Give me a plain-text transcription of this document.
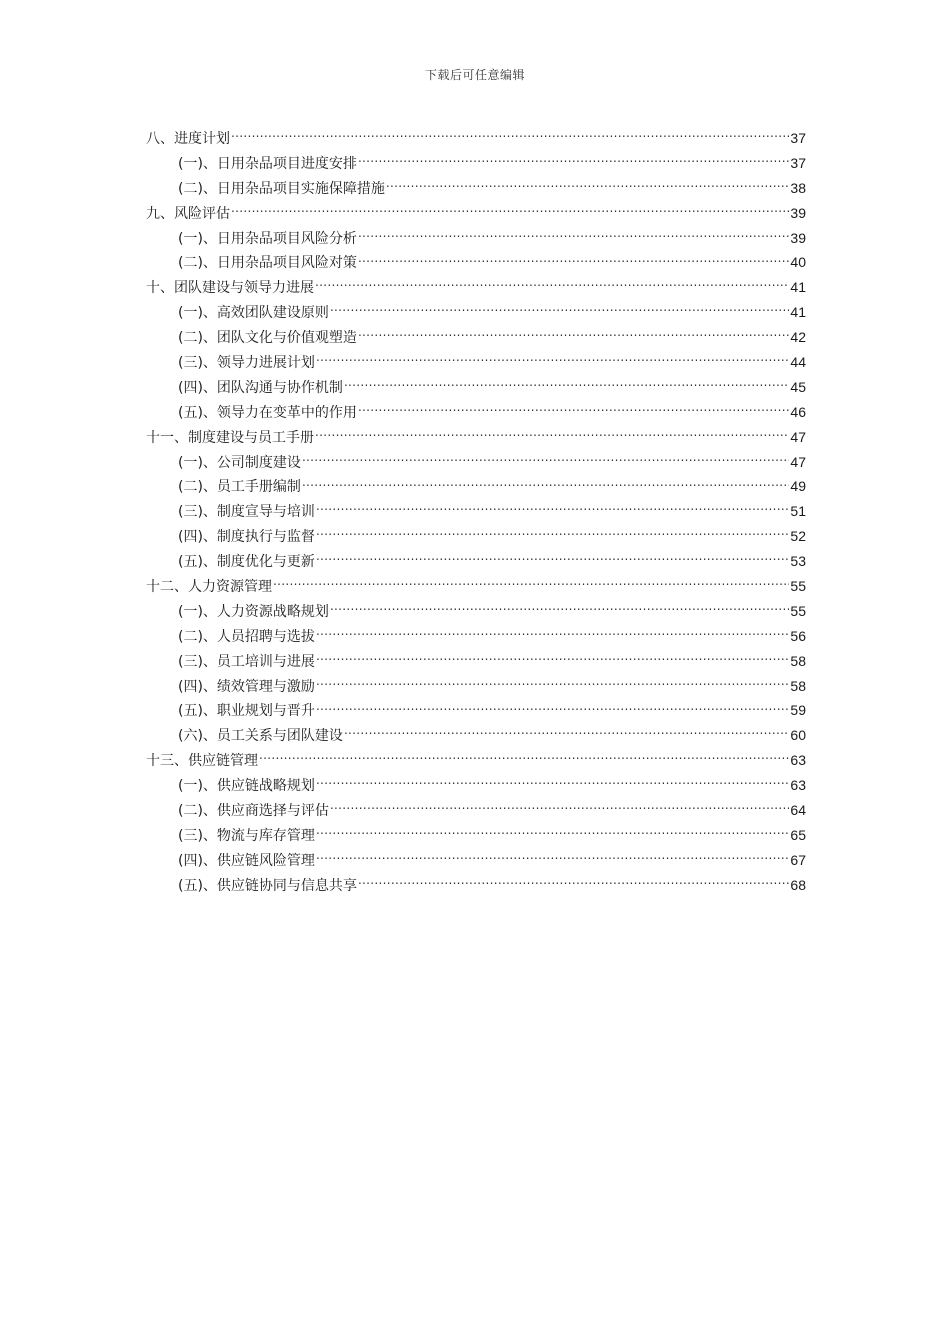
下载后可任意编辑
八、进度计划 .....	37
(一)、日用杂品项目进度安排 .....	37
(二)、日用杂品项目实施保障措施 .....	38
九、风险评估 .....	39
(一)、日用杂品项目风险分析 .....	39
(二)、日用杂品项目风险对策 .....	40
十、团队建设与领导力进展 .....	41
(一)、高效团队建设原则 .....	41
(二)、团队文化与价值观塑造 .....	42
(三)、领导力进展计划 .....	44
(四)、团队沟通与协作机制 .....	45
(五)、领导力在变革中的作用 .....	46
十一、制度建设与员工手册 .....	47
(一)、公司制度建设 .....	47
(二)、员工手册编制 .....	49
(三)、制度宣导与培训 .....	51
(四)、制度执行与监督 .....	52
(五)、制度优化与更新 .....	53
十二、人力资源管理 .....	55
(一)、人力资源战略规划 .....	55
(二)、人员招聘与选拔 .....	56
(三)、员工培训与进展 .....	58
(四)、绩效管理与激励 .....	58
(五)、职业规划与晋升 .....	59
(六)、员工关系与团队建设 .....	60
十三、供应链管理 .....	63
(一)、供应链战略规划 .....	63
(二)、供应商选择与评估 .....	64
(三)、物流与库存管理 .....	65
(四)、供应链风险管理 .....	67
(五)、供应链协同与信息共享 .....	68
